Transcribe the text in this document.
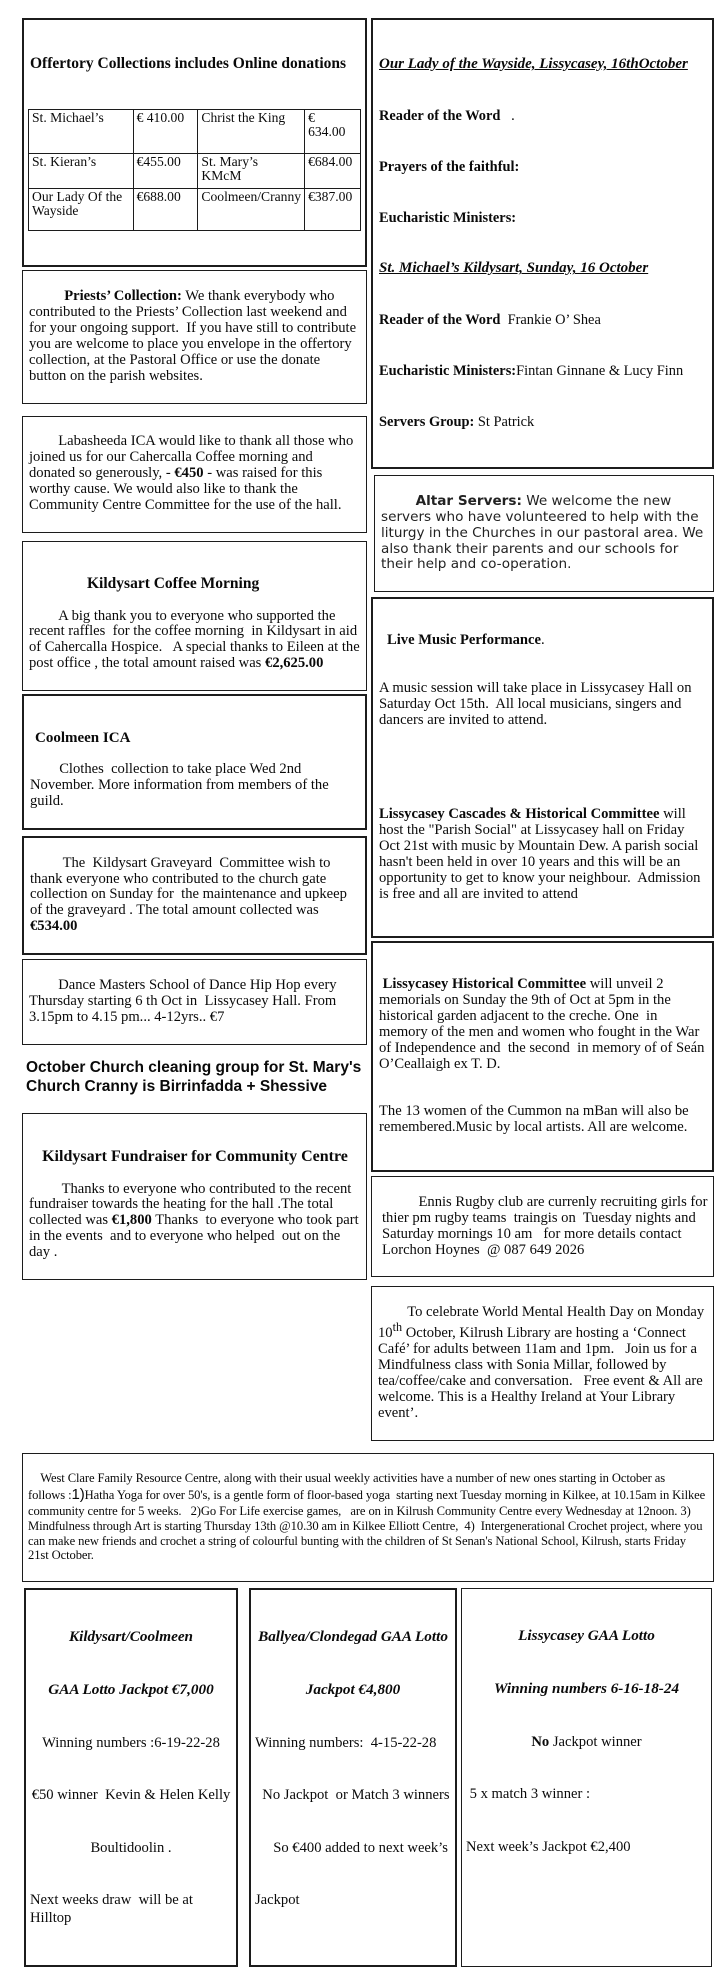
Offertory Collections includes Online donations

St. Michael’s	€ 410.00	Christ the King	€  634.00
St. Kieran’s	€455.00	St. Mary’s KMcM	€684.00
Our Lady Of the Wayside	€688.00	Coolmeen/Cranny	€387.00

Priests’ Collection: We thank everybody who contributed to the Priests’ Collection last weekend and for your ongoing support.  If you have still to contribute you are welcome to place you envelope in the offertory collection, at the Pastoral Office or use the donate button on the parish websites.

Labasheeda ICA would like to thank all those who joined us for our Cahercalla Coffee morning and donated so generously, - €450 - was raised for this worthy cause. We would also like to thank the Community Centre Committee for the use of the hall.

Kildysart Coffee Morning

A big thank you to everyone who supported the recent raffles  for the coffee morning  in Kildysart in aid of Cahercalla Hospice.   A special thanks to Eileen at the post office , the total amount raised was €2,625.00

Coolmeen ICA

Clothes  collection to take place Wed 2nd  November. More information from members of the guild.

The  Kildysart Graveyard  Committee wish to thank everyone who contributed to the church gate collection on Sunday for  the maintenance and upkeep  of the graveyard . The total amount collected was €534.00

Dance Masters School of Dance Hip Hop every  Thursday starting 6 th Oct in  Lissycasey Hall. From  3.15pm to 4.15 pm... 4-12yrs.. €7

October Church cleaning group for St. Mary's Church Cranny is Birrinfadda + Shessive

Kildysart Fundraiser for Community Centre

Thanks to everyone who contributed to the recent fundraiser towards the heating for the hall .The total collected was €1,800 Thanks  to everyone who took part in the events  and to everyone who helped  out on the day .

Our Lady of the Wayside, Lissycasey, 16thOctober

Reader of the Word   .

Prayers of the faithful:

Eucharistic Ministers:

St. Michael’s Kildysart, Sunday, 16 October

Reader of the Word  Frankie O’ Shea

Eucharistic Ministers:Fintan Ginnane & Lucy Finn

Servers Group: St Patrick

Altar Servers: We welcome the new servers who have volunteered to help with the liturgy in the Churches in our pastoral area. We also thank their parents and our schools for their help and co-operation.

Live Music Performance.

A music session will take place in Lissycasey Hall on Saturday Oct 15th.  All local musicians, singers and dancers are invited to attend.

Lissycasey Cascades & Historical Committee will host the "Parish Social" at Lissycasey hall on Friday Oct 21st with music by Mountain Dew. A parish social hasn't been held in over 10 years and this will be an opportunity to get to know your neighbour.  Admission is free and all are invited to attend

Lissycasey Historical Committee will unveil 2 memorials on Sunday the 9th of Oct at 5pm in the historical garden adjacent to the creche. One  in memory of the men and women who fought in the War of Independence and  the second  in memory of of Seán O’Ceallaigh ex T. D.

The 13 women of the Cummon na mBan will also be remembered.Music by local artists. All are welcome.

Ennis Rugby club are currenly recruiting girls for thier pm rugby teams  traingis on  Tuesday nights and  Saturday mornings 10 am   for more details contact Lorchon Hoynes  @ 087 649 2026

To celebrate World Mental Health Day on Monday 10th October, Kilrush Library are hosting a ‘Connect Café’ for adults between 11am and 1pm.   Join us for a Mindfulness class with Sonia Millar, followed by tea/coffee/cake and conversation.   Free event & All are welcome. This is a Healthy Ireland at Your Library event’.

West Clare Family Resource Centre, along with their usual weekly activities have a number of new ones starting in October as  follows :1)Hatha Yoga for over 50's, is a gentle form of floor-based yoga  starting next Tuesday morning in Kilkee, at 10.15am in Kilkee community centre for 5 weeks.   2)Go For Life exercise games,   are on in Kilrush Community Centre every Wednesday at 12noon. 3) Mindfulness through Art is starting Thursday 13th @10.30 am in Kilkee Elliott Centre,  4)  Intergenerational Crochet project, where you can make new friends and crochet a string of colourful bunting with the children of St Senan's National School, Kilrush, starts Friday 21st October.

Kildysart/Coolmeen

GAA Lotto Jackpot €7,000

Winning numbers :6-19-22-28

€50 winner  Kevin & Helen Kelly

Boultidoolin .

Next weeks draw  will be at Hilltop

Ballyea/Clondegad GAA Lotto

Jackpot €4,800

Winning numbers:  4-15-22-28

No Jackpot  or Match 3 winners

So €400 added to next week’s

Jackpot

Lissycasey GAA Lotto

Winning numbers 6-16-18-24

No Jackpot winner

5 x match 3 winner :

Next week’s Jackpot €2,400
